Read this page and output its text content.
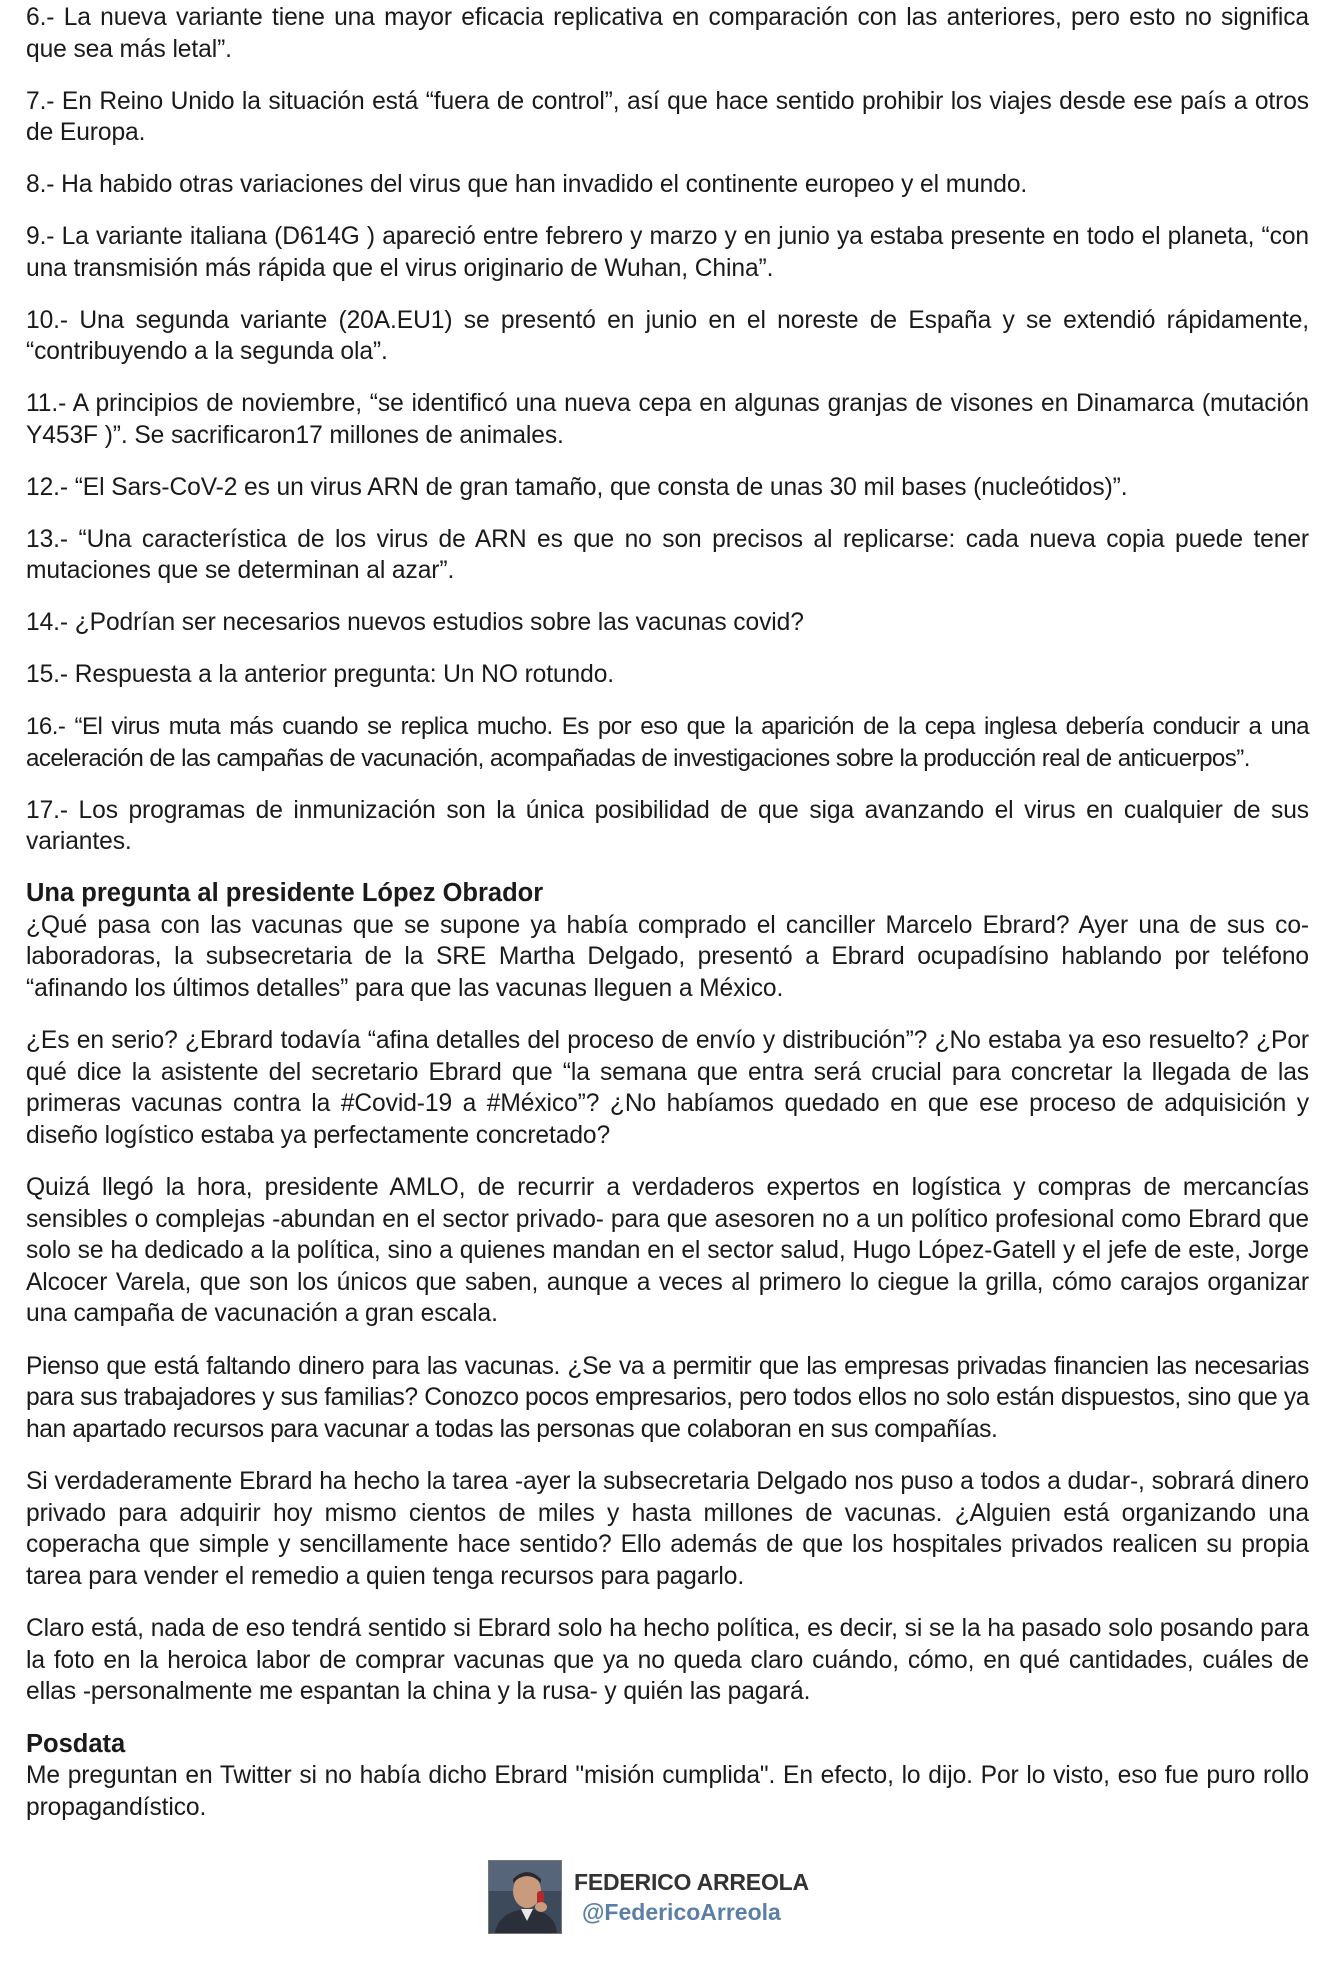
6.- La nueva variante tiene una mayor eficacia replicativa en comparación con las anteriores, pero esto no significa que sea más letal”.

7.- En Reino Unido la situación está “fuera de control”, así que hace sentido prohibir los viajes desde ese país a otros de Europa.

8.- Ha habido otras variaciones del virus que han invadido el continente europeo y el mundo.

9.- La variante italiana (D614G ) apareció entre febrero y marzo y en junio ya estaba presente en todo el planeta, “con una transmisión más rápida que el virus originario de Wuhan, China”.

10.- Una segunda variante (20A.EU1) se presentó en junio en el noreste de España y se extendió rápidamente, “contribuyendo a la segunda ola”.

11.- A principios de noviembre, “se identificó una nueva cepa en algunas granjas de visones en Dinamarca (mutación Y453F )”. Se sacrificaron17 millones de animales.

12.- “El Sars-CoV-2 es un virus ARN de gran tamaño, que consta de unas 30 mil bases (nucleótidos)”.

13.- “Una característica de los virus de ARN es que no son precisos al replicarse: cada nueva copia puede tener mutaciones que se determinan al azar”.

14.- ¿Podrían ser necesarios nuevos estudios sobre las vacunas covid?

15.- Respuesta a la anterior pregunta: Un NO rotundo.

16.- “El virus muta más cuando se replica mucho. Es por eso que la aparición de la cepa inglesa debería conducir a una aceleración de las campañas de vacunación, acompañadas de investigaciones sobre la producción real de anticuerpos”.

17.- Los programas de inmunización son la única posibilidad de que siga avanzando el virus en cualquier de sus variantes.

Una pregunta al presidente López Obrador

¿Qué pasa con las vacunas que se supone ya había comprado el canciller Marcelo Ebrard? Ayer una de sus co-laboradoras, la subsecretaria de la SRE Martha Delgado, presentó a Ebrard ocupadísino hablando por teléfono “afinando los últimos detalles” para que las vacunas lleguen a México.

¿Es en serio? ¿Ebrard todavía “afina detalles del proceso de envío y distribución”? ¿No estaba ya eso resuelto? ¿Por qué dice la asistente del secretario Ebrard que “la semana que entra será crucial para concretar la llegada de las primeras vacunas contra la #Covid-19 a #México”? ¿No habíamos quedado en que ese proceso de adquisición y diseño logístico estaba ya perfectamente concretado?

Quizá llegó la hora, presidente AMLO, de recurrir a verdaderos expertos en logística y compras de mercancías sensibles o complejas -abundan en el sector privado- para que asesoren no a un político profesional como Ebrard que solo se ha dedicado a la política, sino a quienes mandan en el sector salud, Hugo López-Gatell y el jefe de este, Jorge Alcocer Varela, que son los únicos que saben, aunque a veces al primero lo ciegue la grilla, cómo carajos organizar una campaña de vacunación a gran escala.

Pienso que está faltando dinero para las vacunas. ¿Se va a permitir que las empresas privadas financien las necesarias para sus trabajadores y sus familias? Conozco pocos empresarios, pero todos ellos no solo están dispuestos, sino que ya han apartado recursos para vacunar a todas las personas que colaboran en sus compañías.

Si verdaderamente Ebrard ha hecho la tarea -ayer la subsecretaria Delgado nos puso a todos a dudar-, sobrará dinero privado para adquirir hoy mismo cientos de miles y hasta millones de vacunas. ¿Alguien está organizando una coperacha que simple y sencillamente hace sentido? Ello además de que los hospitales privados realicen su propia tarea para vender el remedio a quien tenga recursos para pagarlo.

Claro está, nada de eso tendrá sentido si Ebrard solo ha hecho política, es decir, si se la ha pasado solo posando para la foto en la heroica labor de comprar vacunas que ya no queda claro cuándo, cómo, en qué cantidades, cuáles de ellas -personalmente me espantan la china y la rusa- y quién las pagará.

Posdata

Me preguntan en Twitter si no había dicho Ebrard "misión cumplida". En efecto, lo dijo. Por lo visto, eso fue puro rollo propagandístico.

FEDERICO ARREOLA
@FedericoArreola
